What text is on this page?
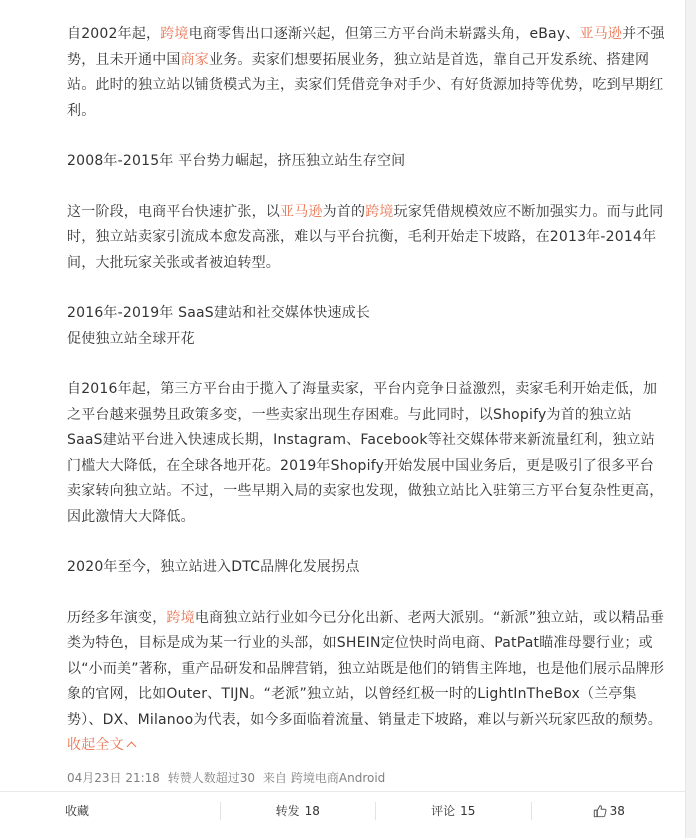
自2002年起，跨境电商零售出口逐渐兴起，但第三方平台尚未崭露头角，eBay、亚马逊并不强势，且未开通中国商家业务。卖家们想要拓展业务，独立站是首选，靠自己开发系统、搭建网站。此时的独立站以铺货模式为主，卖家们凭借竞争对手少、有好货源加持等优势，吃到早期红利。

2008年-2015年 平台势力崛起，挤压独立站生存空间

这一阶段，电商平台快速扩张，以亚马逊为首的跨境玩家凭借规模效应不断加强实力。而与此同时，独立站卖家引流成本愈发高涨，难以与平台抗衡，毛利开始走下坡路，在2013年-2014年间，大批玩家关张或者被迫转型。

2016年-2019年 SaaS建站和社交媒体快速成长

促使独立站全球开花

自2016年起，第三方平台由于揽入了海量卖家，平台内竞争日益激烈，卖家毛利开始走低，加之平台越来强势且政策多变，一些卖家出现生存困难。与此同时，以Shopify为首的独立站SaaS建站平台进入快速成长期，Instagram、Facebook等社交媒体带来新流量红利，独立站门槛大大降低，在全球各地开花。2019年Shopify开始发展中国业务后，更是吸引了很多平台卖家转向独立站。不过，一些早期入局的卖家也发现，做独立站比入驻第三方平台复杂性更高，因此激情大大降低。

2020年至今，独立站进入DTC品牌化发展拐点

历经多年演变，跨境电商独立站行业如今已分化出新、老两大派别。“新派”独立站，或以精品垂类为特色，目标是成为某一行业的头部，如SHEIN定位快时尚电商、PatPat瞄准母婴行业；或以“小而美”著称，重产品研发和品牌营销，独立站既是他们的销售主阵地，也是他们展示品牌形象的官网，比如Outer、TIJN。“老派”独立站，以曾经红极一时的LightInTheBox（兰亭集势）、DX、Milanoo为代表，如今多面临着流量、销量走下坡路，难以与新兴玩家匹敌的颓势。 收起全文

04月23日 21:18 转赞人数超过30 来自 跨境电商Android
收藏	转发 18	评论 15	38
